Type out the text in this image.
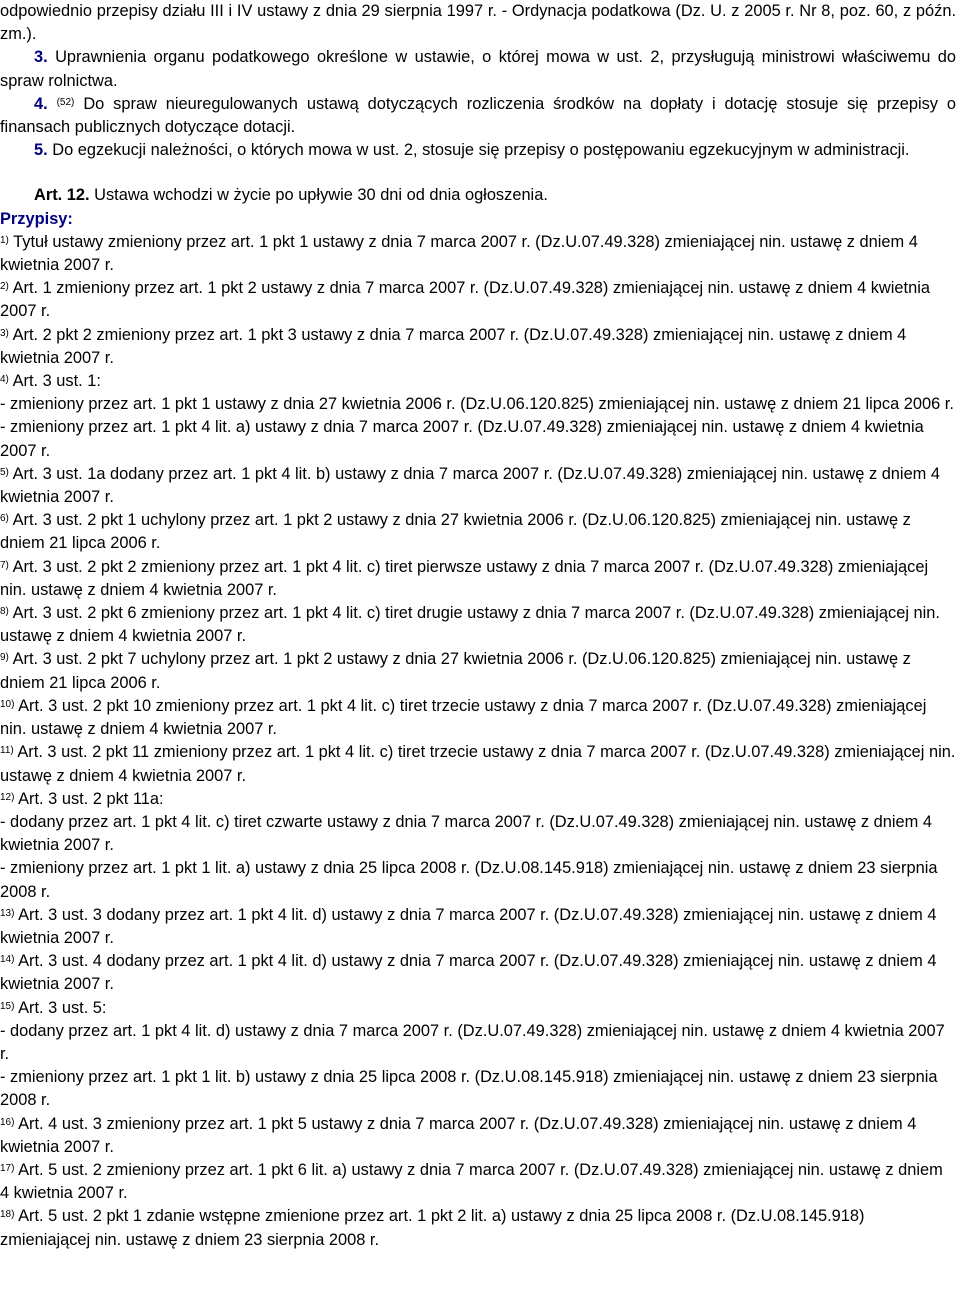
odpowiednio przepisy działu III i IV ustawy z dnia 29 sierpnia 1997 r. - Ordynacja podatkowa (Dz. U. z 2005 r. Nr 8, poz. 60, z późn. zm.).

3. Uprawnienia organu podatkowego określone w ustawie, o której mowa w ust. 2, przysługują ministrowi właściwemu do spraw rolnictwa.

4. $^{(52)}$ Do spraw nieuregulowanych ustawą dotyczących rozliczenia środków na dopłaty i dotację stosuje się przepisy o finansach publicznych dotyczące dotacji.

5. Do egzekucji należności, o których mowa w ust. 2, stosuje się przepisy o postępowaniu egzekucyjnym w administracji.

Art. 12. Ustawa wchodzi w życie po upływie 30 dni od dnia ogłoszenia.

Przypisy:

$^{1)}$ Tytuł ustawy zmieniony przez art. 1 pkt 1 ustawy z dnia 7 marca 2007 r. (Dz.U.07.49.328) zmieniającej nin. ustawę z dniem 4 kwietnia 2007 r.

$^{2)}$ Art. 1 zmieniony przez art. 1 pkt 2 ustawy z dnia 7 marca 2007 r. (Dz.U.07.49.328) zmieniającej nin. ustawę z dniem 4 kwietnia 2007 r.

$^{3)}$ Art. 2 pkt 2 zmieniony przez art. 1 pkt 3 ustawy z dnia 7 marca 2007 r. (Dz.U.07.49.328) zmieniającej nin. ustawę z dniem 4 kwietnia 2007 r.

$^{4)}$ Art. 3 ust. 1:

- zmieniony przez art. 1 pkt 1 ustawy z dnia 27 kwietnia 2006 r. (Dz.U.06.120.825) zmieniającej nin. ustawę z dniem 21 lipca 2006 r.

- zmieniony przez art. 1 pkt 4 lit. a) ustawy z dnia 7 marca 2007 r. (Dz.U.07.49.328) zmieniającej nin. ustawę z dniem 4 kwietnia 2007 r.

$^{5)}$ Art. 3 ust. 1a dodany przez art. 1 pkt 4 lit. b) ustawy z dnia 7 marca 2007 r. (Dz.U.07.49.328) zmieniającej nin. ustawę z dniem 4 kwietnia 2007 r.

$^{6)}$ Art. 3 ust. 2 pkt 1 uchylony przez art. 1 pkt 2 ustawy z dnia 27 kwietnia 2006 r. (Dz.U.06.120.825) zmieniającej nin. ustawę z dniem 21 lipca 2006 r.

$^{7)}$ Art. 3 ust. 2 pkt 2 zmieniony przez art. 1 pkt 4 lit. c) tiret pierwsze ustawy z dnia 7 marca 2007 r. (Dz.U.07.49.328) zmieniającej nin. ustawę z dniem 4 kwietnia 2007 r.

$^{8)}$ Art. 3 ust. 2 pkt 6 zmieniony przez art. 1 pkt 4 lit. c) tiret drugie ustawy z dnia 7 marca 2007 r. (Dz.U.07.49.328) zmieniającej nin. ustawę z dniem 4 kwietnia 2007 r.

$^{9)}$ Art. 3 ust. 2 pkt 7 uchylony przez art. 1 pkt 2 ustawy z dnia 27 kwietnia 2006 r. (Dz.U.06.120.825) zmieniającej nin. ustawę z dniem 21 lipca 2006 r.

$^{10)}$ Art. 3 ust. 2 pkt 10 zmieniony przez art. 1 pkt 4 lit. c) tiret trzecie ustawy z dnia 7 marca 2007 r. (Dz.U.07.49.328) zmieniającej nin. ustawę z dniem 4 kwietnia 2007 r.

$^{11)}$ Art. 3 ust. 2 pkt 11 zmieniony przez art. 1 pkt 4 lit. c) tiret trzecie ustawy z dnia 7 marca 2007 r. (Dz.U.07.49.328) zmieniającej nin. ustawę z dniem 4 kwietnia 2007 r.

$^{12)}$ Art. 3 ust. 2 pkt 11a:

- dodany przez art. 1 pkt 4 lit. c) tiret czwarte ustawy z dnia 7 marca 2007 r. (Dz.U.07.49.328) zmieniającej nin. ustawę z dniem 4 kwietnia 2007 r.

- zmieniony przez art. 1 pkt 1 lit. a) ustawy z dnia 25 lipca 2008 r. (Dz.U.08.145.918) zmieniającej nin. ustawę z dniem 23 sierpnia 2008 r.

$^{13)}$ Art. 3 ust. 3 dodany przez art. 1 pkt 4 lit. d) ustawy z dnia 7 marca 2007 r. (Dz.U.07.49.328) zmieniającej nin. ustawę z dniem 4 kwietnia 2007 r.

$^{14)}$ Art. 3 ust. 4 dodany przez art. 1 pkt 4 lit. d) ustawy z dnia 7 marca 2007 r. (Dz.U.07.49.328) zmieniającej nin. ustawę z dniem 4 kwietnia 2007 r.

$^{15)}$ Art. 3 ust. 5:

- dodany przez art. 1 pkt 4 lit. d) ustawy z dnia 7 marca 2007 r. (Dz.U.07.49.328) zmieniającej nin. ustawę z dniem 4 kwietnia 2007 r.

- zmieniony przez art. 1 pkt 1 lit. b) ustawy z dnia 25 lipca 2008 r. (Dz.U.08.145.918) zmieniającej nin. ustawę z dniem 23 sierpnia 2008 r.

$^{16)}$ Art. 4 ust. 3 zmieniony przez art. 1 pkt 5 ustawy z dnia 7 marca 2007 r. (Dz.U.07.49.328) zmieniającej nin. ustawę z dniem 4 kwietnia 2007 r.

$^{17)}$ Art. 5 ust. 2 zmieniony przez art. 1 pkt 6 lit. a) ustawy z dnia 7 marca 2007 r. (Dz.U.07.49.328) zmieniającej nin. ustawę z dniem 4 kwietnia 2007 r.

$^{18)}$ Art. 5 ust. 2 pkt 1 zdanie wstępne zmienione przez art. 1 pkt 2 lit. a) ustawy z dnia 25 lipca 2008 r. (Dz.U.08.145.918) zmieniającej nin. ustawę z dniem 23 sierpnia 2008 r.
